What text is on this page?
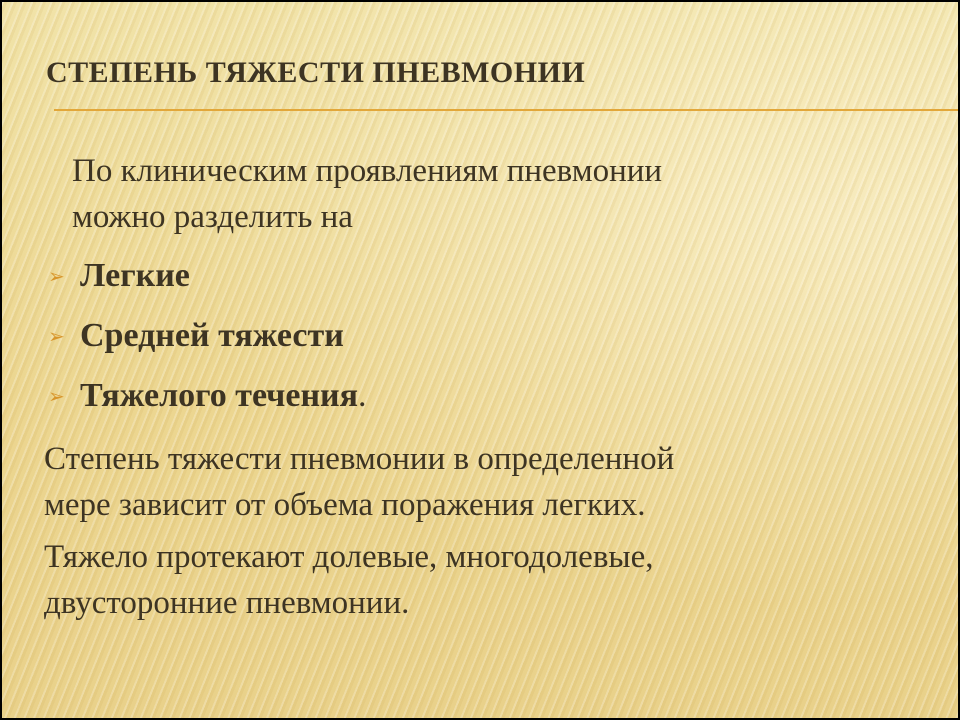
СТЕПЕНЬ ТЯЖЕСТИ ПНЕВМОНИИ

По клиническим проявлениям пневмонии
можно разделить на

➢ Легкие
➢ Средней тяжести
➢ Тяжелого течения.

Степень тяжести пневмонии в определенной
мере зависит от объема поражения легких.

Тяжело протекают долевые, многодолевые,
двусторонние пневмонии.
